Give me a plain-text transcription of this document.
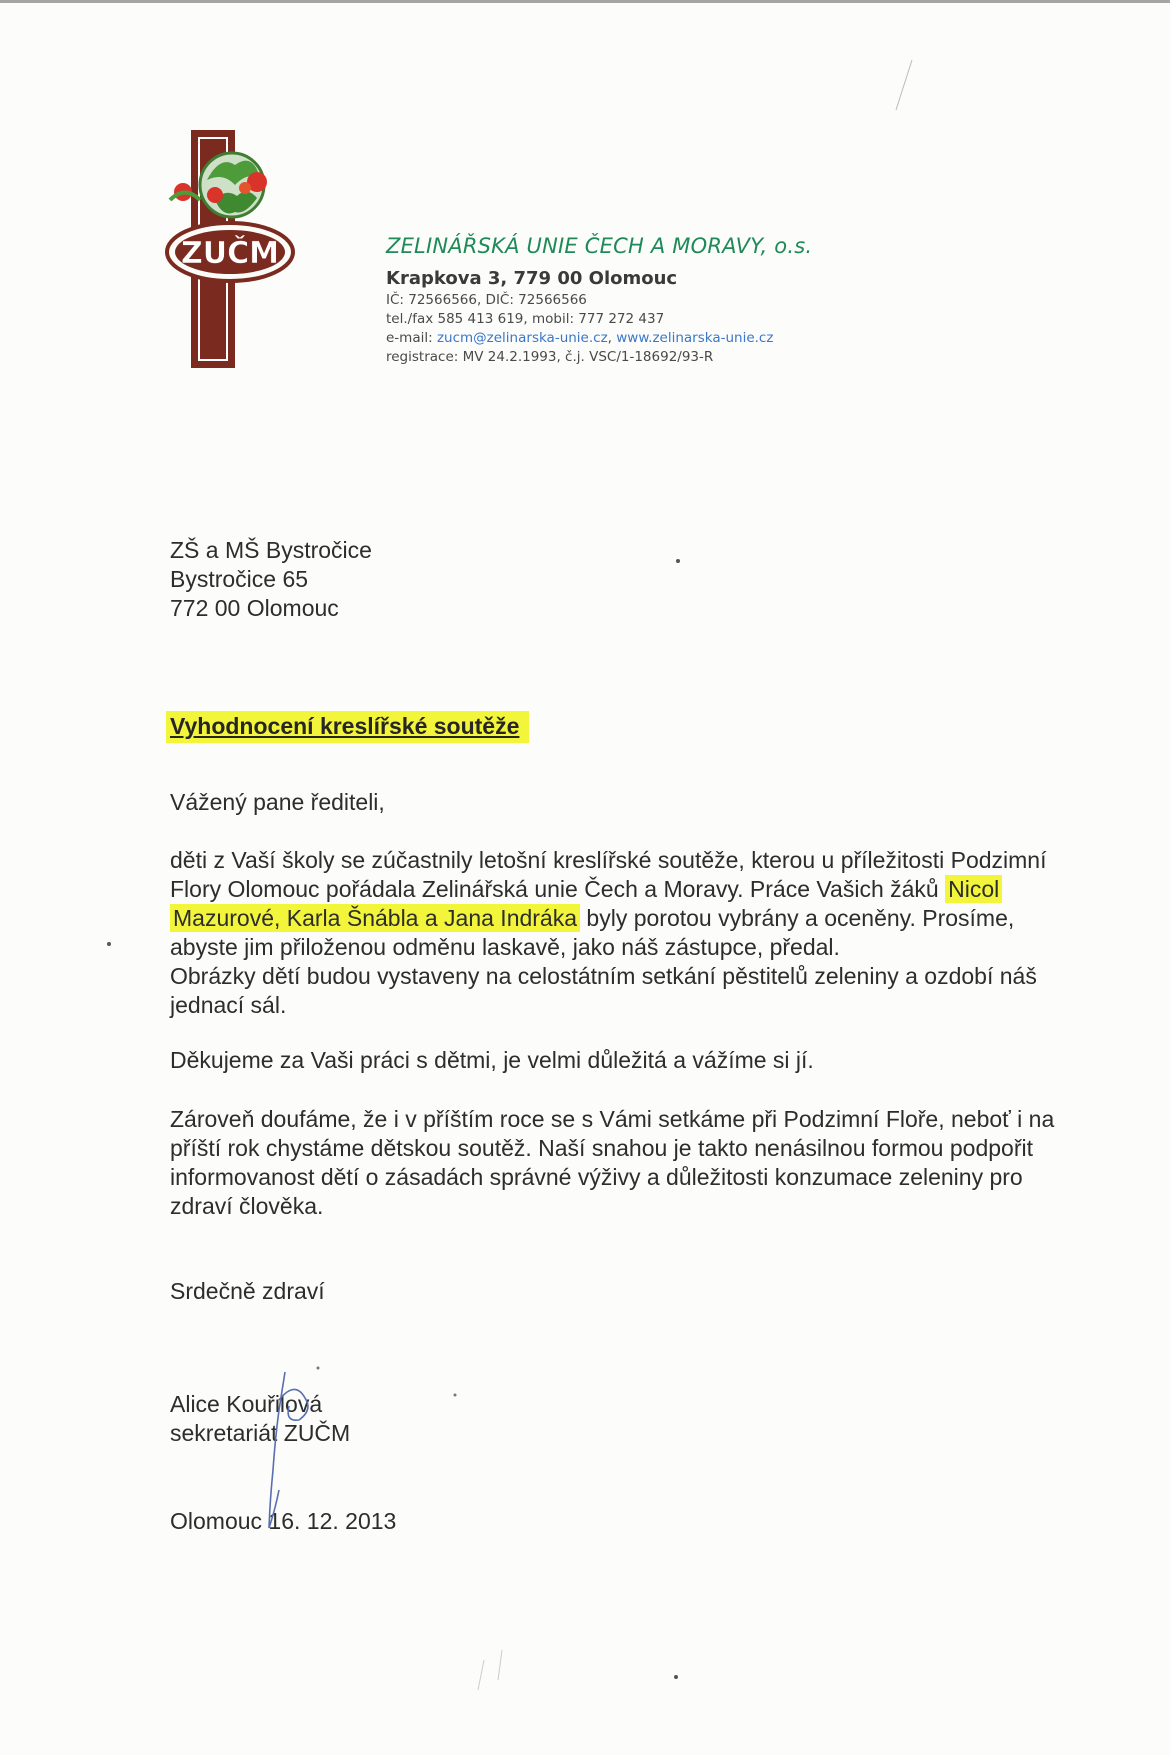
ZUČM	ZELINÁŘSKÁ UNIE ČECH A MORAVY, o.s.
Krapkova 3, 779 00 Olomouc
IČ: 72566566, DIČ: 72566566
tel./fax 585 413 619, mobil: 777 272 437
e-mail: zucm@zelinarska-unie.cz, www.zelinarska-unie.cz
registrace: MV 24.2.1993, č.j. VSC/1-18692/93-R
ZŠ a MŠ Bystročice
Bystročice 65
772 00 Olomouc
Vyhodnocení kreslířské soutěže
Vážený pane řediteli,
děti z Vaší školy se zúčastnily letošní kreslířské soutěže, kterou u příležitosti Podzimní
Flory Olomouc pořádala Zelinářská unie Čech a Moravy. Práce Vašich žáků Nicol
Mazurové, Karla Šnábla a Jana Indráka byly porotou vybrány a oceněny. Prosíme,
abyste jim přiloženou odměnu laskavě, jako náš zástupce, předal.
Obrázky dětí budou vystaveny na celostátním setkání pěstitelů zeleniny a ozdobí náš
jednací sál.
Děkujeme za Vaši práci s dětmi, je velmi důležitá a vážíme si jí.
Zároveň doufáme, že i v příštím roce se s Vámi setkáme při Podzimní Floře, neboť i na
příští rok chystáme dětskou soutěž. Naší snahou je takto nenásilnou formou podpořit
informovanost dětí o zásadách správné výživy a důležitosti konzumace zeleniny pro
zdraví člověka.
Srdečně zdraví
Alice Kouřilová
sekretariát ZUČM
Olomouc 16. 12. 2013
